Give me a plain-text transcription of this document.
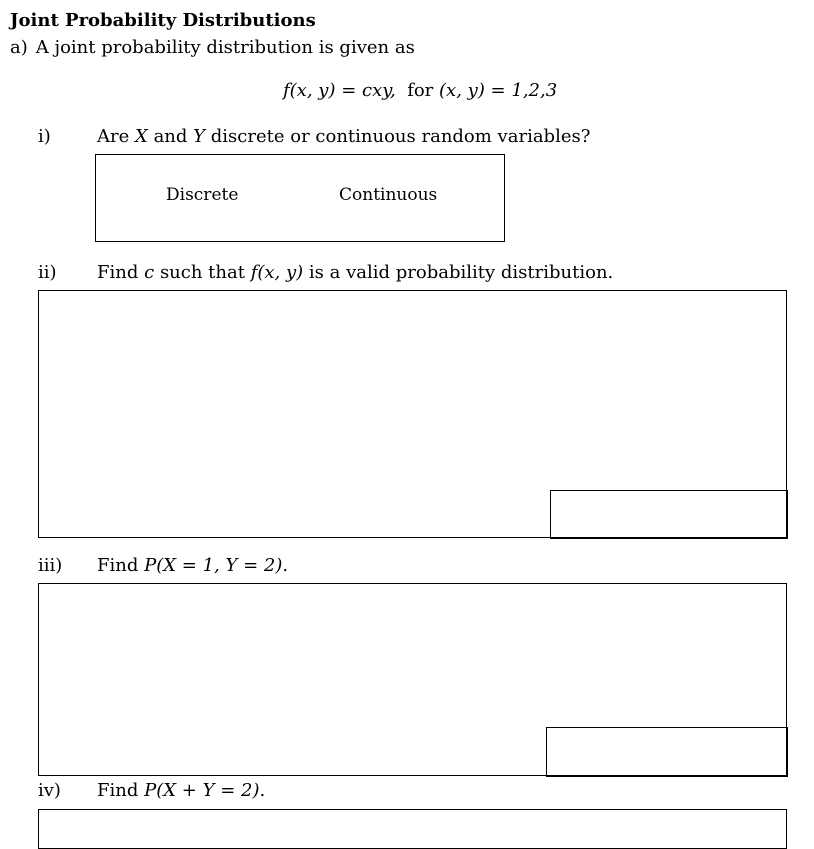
Joint Probability Distributions
a) A joint probability distribution is given as
f(x, y) = cxy, for (x, y) = 1,2,3
i)	Are X and Y discrete or continuous random variables?
Discrete	Continuous
ii) Find c such that f(x, y) is a valid probability distribution.
iii) Find P(X = 1, Y = 2).
iv) Find P(X + Y = 2).
